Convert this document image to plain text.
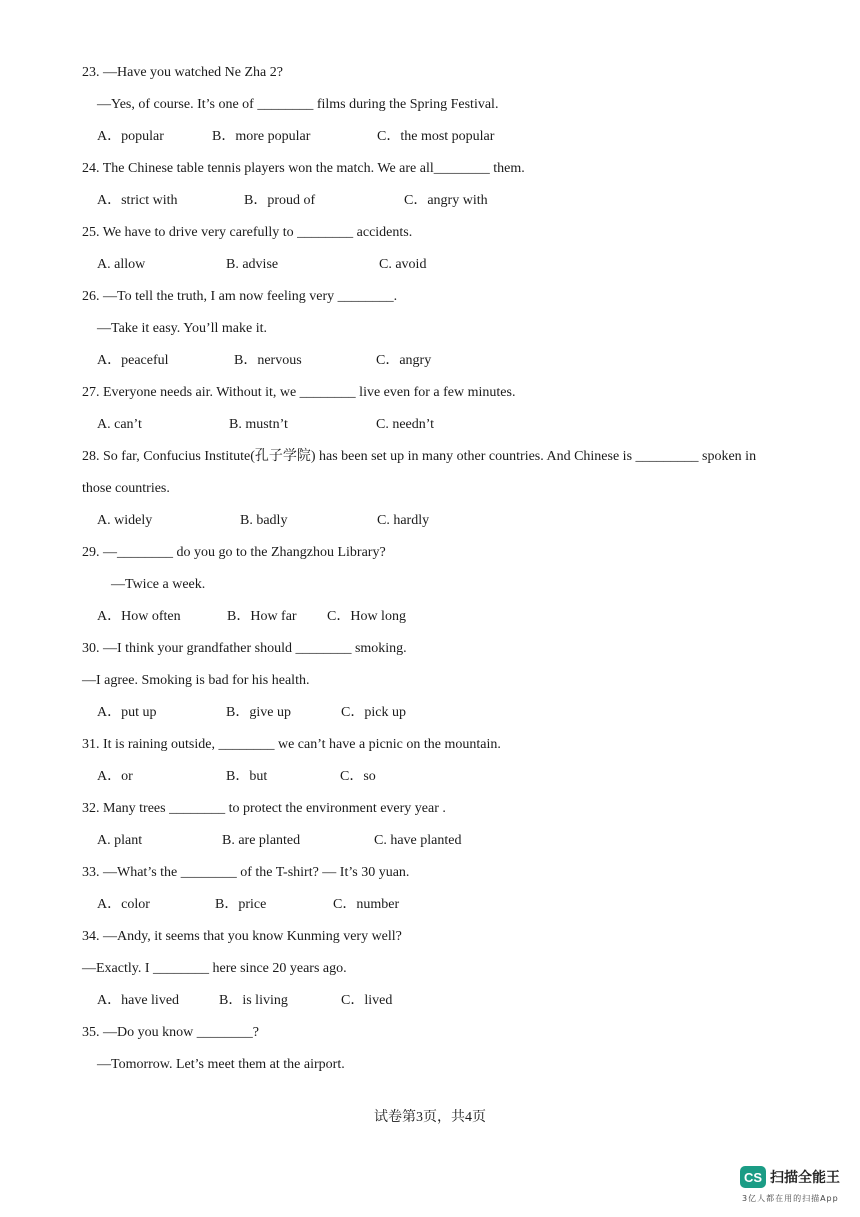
23. —Have you watched Ne Zha 2?
—Yes, of course. It’s one of ________ films during the Spring Festival.
A．popular	B．more popular	C．the most popular
24. The Chinese table tennis players won the match. We are all________ them.
A．strict with	B．proud of	C．angry with
25. We have to drive very carefully to ________ accidents.
A. allow	B. advise	C. avoid
26. —To tell the truth, I am now feeling very ________.
—Take it easy. You’ll make it.
A．peaceful	B．nervous	C．angry
27. Everyone needs air. Without it, we ________ live even for a few minutes.
A. can’t	B. mustn’t	C. needn’t
28. So far, Confucius Institute(孔子学院) has been set up in many other countries. And Chinese is _________ spoken in
those countries.
A. widely	B. badly	C. hardly
29. —________ do you go to the Zhangzhou Library?
—Twice a week.
A．How often	B．How far C．How long
30. —I think your grandfather should ________ smoking.
—I agree. Smoking is bad for his health.
A．put up	B．give up	C．pick up
31. It is raining outside, ________ we can’t have a picnic on the mountain.
A．or	B．but	C．so
32. Many trees ________ to protect the environment every year .
A. plant	B. are planted	C. have planted
33. —What’s the ________ of the T-shirt? — It’s 30 yuan.
A．color	B．price	C．number
34. —Andy, it seems that you know Kunming very well?
—Exactly. I ________ here since 20 years ago.
A．have lived	B．is living	C．lived
35. —Do you know ________?
—Tomorrow. Let’s meet them at the airport.
试卷第3页，共4页
CS 扫描全能王
3亿人都在用的扫描App
